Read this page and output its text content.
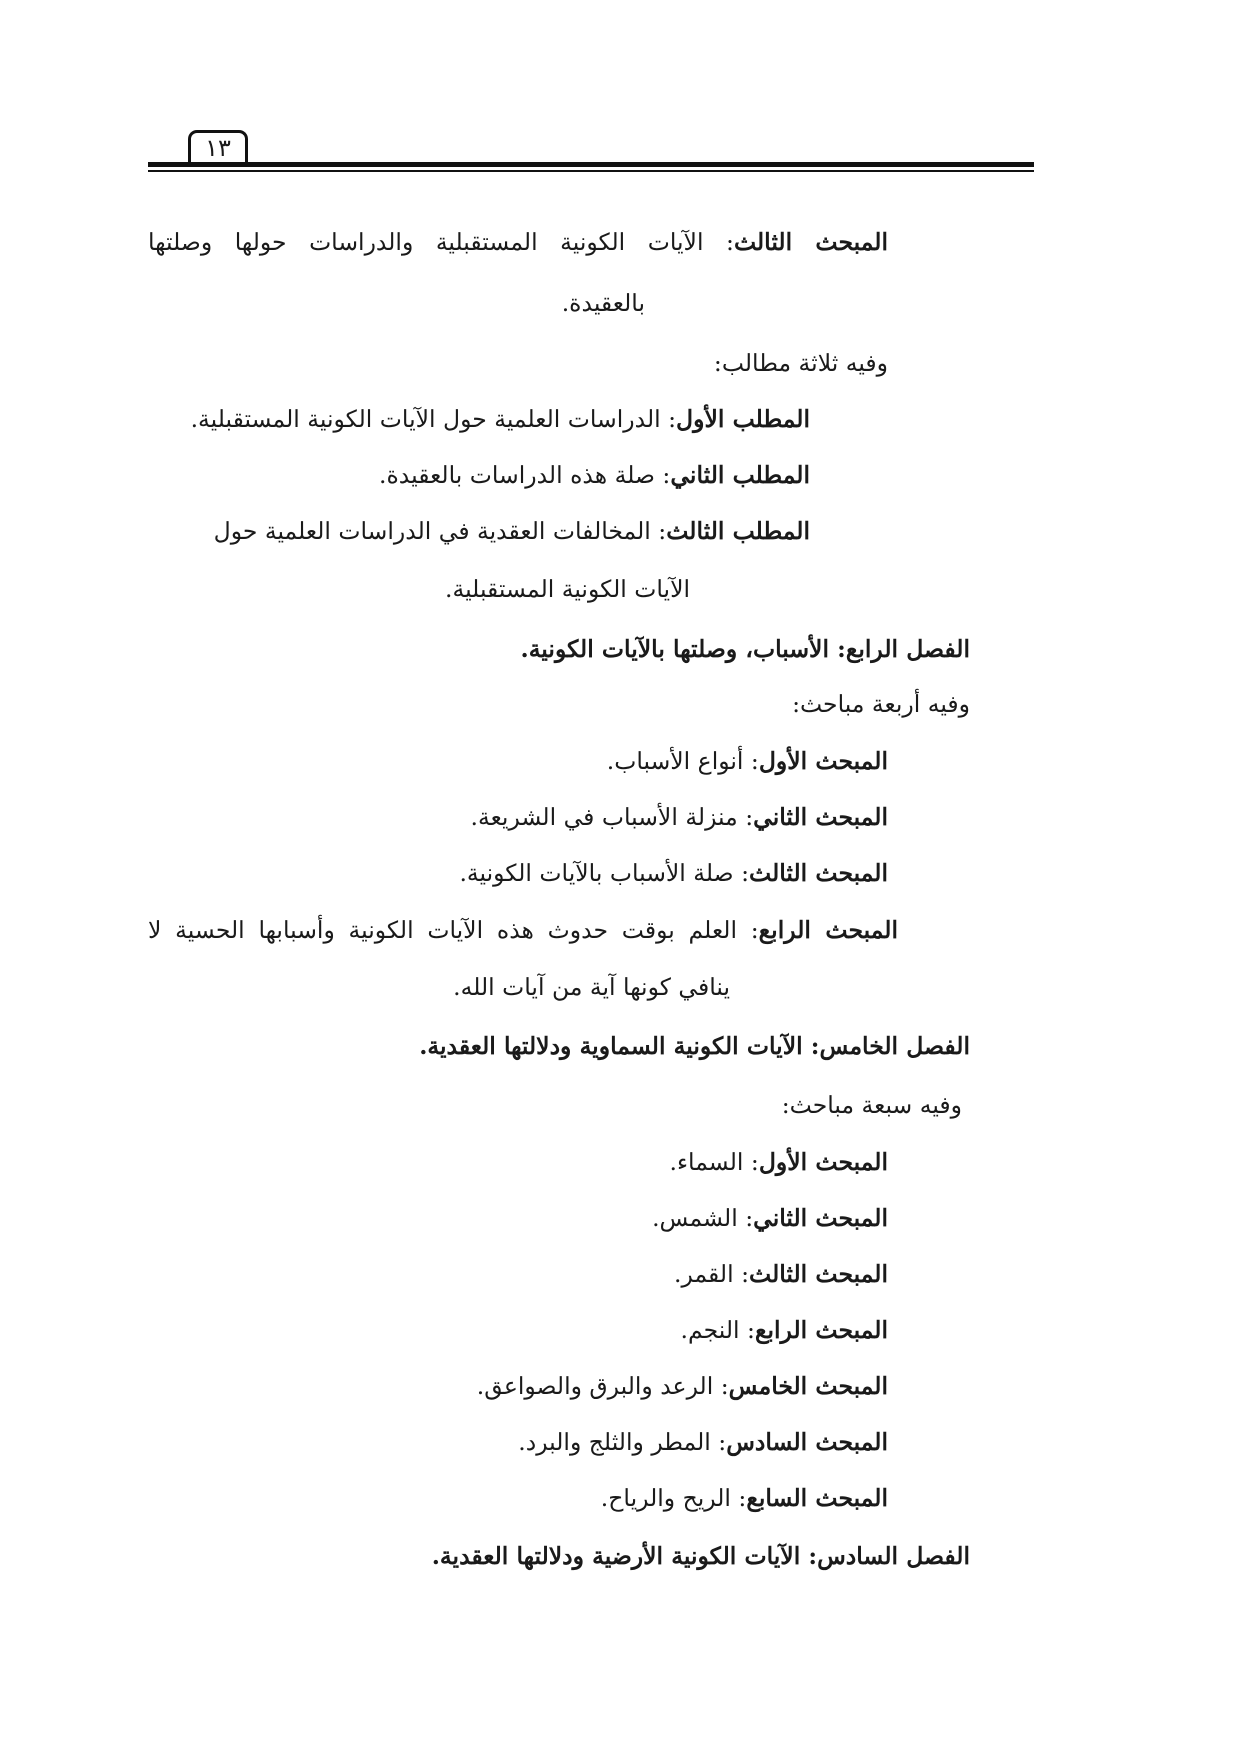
١٣
المبحث الثالث: الآيات الكونية المستقبلية والدراسات حولها وصلتها
بالعقيدة.
وفيه ثلاثة مطالب:
المطلب الأول: الدراسات العلمية حول الآيات الكونية المستقبلية.
المطلب الثاني: صلة هذه الدراسات بالعقيدة.
المطلب الثالث: المخالفات العقدية في الدراسات العلمية حول
الآيات الكونية المستقبلية.
الفصل الرابع: الأسباب، وصلتها بالآيات الكونية.
وفيه أربعة مباحث:
المبحث الأول: أنواع الأسباب.
المبحث الثاني: منزلة الأسباب في الشريعة.
المبحث الثالث: صلة الأسباب بالآيات الكونية.
المبحث الرابع: العلم بوقت حدوث هذه الآيات الكونية وأسبابها الحسية لا
ينافي كونها آية من آيات الله.
الفصل الخامس: الآيات الكونية السماوية ودلالتها العقدية.
وفيه سبعة مباحث:
المبحث الأول: السماء.
المبحث الثاني: الشمس.
المبحث الثالث: القمر.
المبحث الرابع: النجم.
المبحث الخامس: الرعد والبرق والصواعق.
المبحث السادس: المطر والثلج والبرد.
المبحث السابع: الريح والرياح.
الفصل السادس: الآيات الكونية الأرضية ودلالتها العقدية.
